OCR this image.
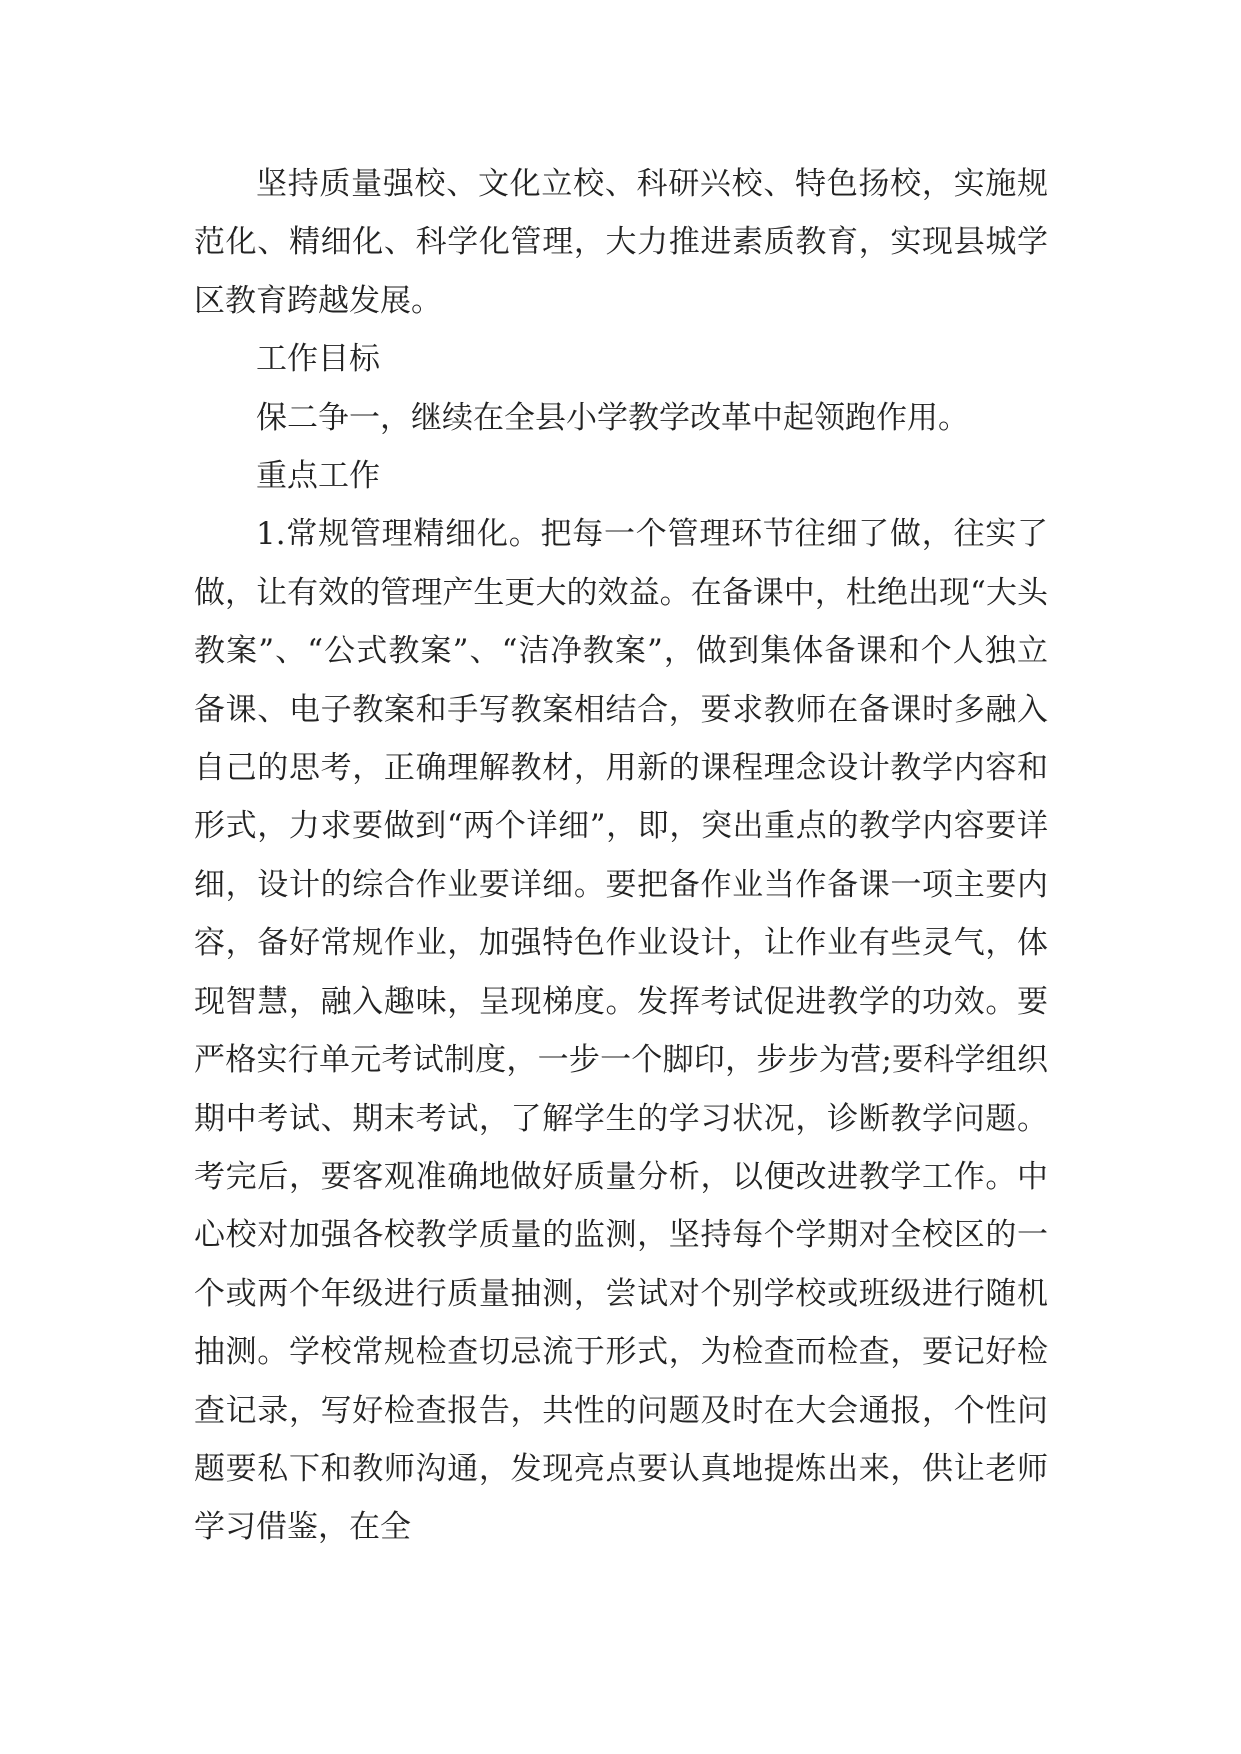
坚持质量强校、文化立校、科研兴校、特色扬校，实施规范化、精细化、科学化管理，大力推进素质教育，实现县城学区教育跨越发展。

工作目标

保二争一，继续在全县小学教学改革中起领跑作用。

重点工作

1.常规管理精细化。把每一个管理环节往细了做，往实了做，让有效的管理产生更大的效益。在备课中，杜绝出现“大头教案”、“公式教案”、“洁净教案”，做到集体备课和个人独立备课、电子教案和手写教案相结合，要求教师在备课时多融入自己的思考，正确理解教材，用新的课程理念设计教学内容和形式，力求要做到“两个详细”，即，突出重点的教学内容要详细，设计的综合作业要详细。要把备作业当作备课一项主要内容，备好常规作业，加强特色作业设计，让作业有些灵气，体现智慧，融入趣味，呈现梯度。发挥考试促进教学的功效。要严格实行单元考试制度，一步一个脚印，步步为营;要科学组织期中考试、期末考试，了解学生的学习状况，诊断教学问题。考完后，要客观准确地做好质量分析，以便改进教学工作。中心校对加强各校教学质量的监测，坚持每个学期对全校区的一个或两个年级进行质量抽测，尝试对个别学校或班级进行随机抽测。学校常规检查切忌流于形式，为检查而检查，要记好检查记录，写好检查报告，共性的问题及时在大会通报，个性问题要私下和教师沟通，发现亮点要认真地提炼出来，供让老师学习借鉴，在全
